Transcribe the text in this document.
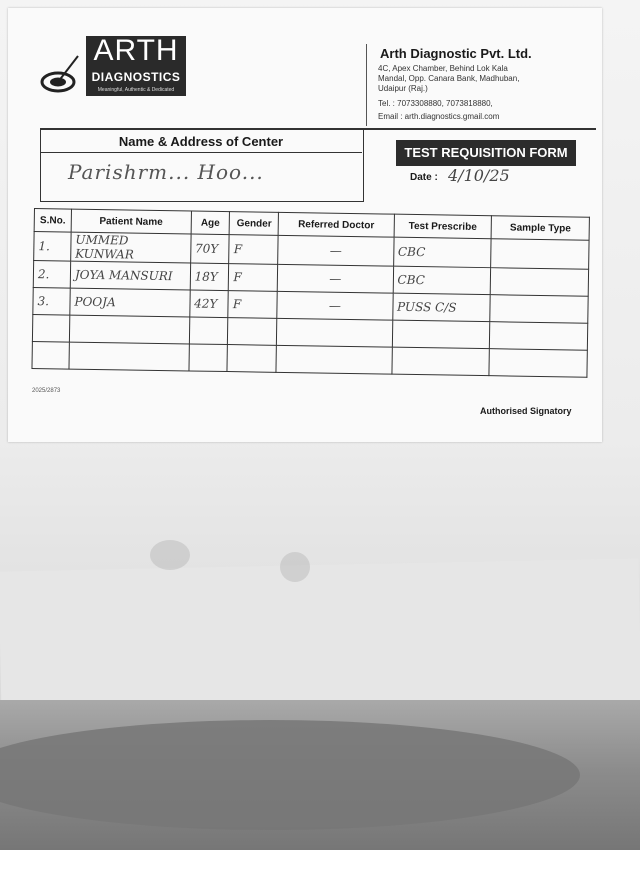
ARTH
DIAGNOSTICS
Meaningful, Authentic & Dedicated
Arth Diagnostic Pvt. Ltd.
4C, Apex Chamber, Behind Lok Kala Mandal, Opp. Canara Bank, Madhuban, Udaipur (Raj.)
Tel. : 7073308880, 7073818880,
Email : arth.diagnostics.gmail.com
Name & Address of Center
Parishrm... Hoo...
TEST REQUISITION FORM
Date : 4/10/25
S.No.	Patient Name	Age	Gender	Referred Doctor	Test Prescribe	Sample Type
1.	UMMED KUNWAR	70Y	F	—	CBC	
2.	JOYA MANSURI	18Y	F	—	CBC	
3.	POOJA	42Y	F	—	PUSS C/S	

2025/2873
Authorised Signatory
